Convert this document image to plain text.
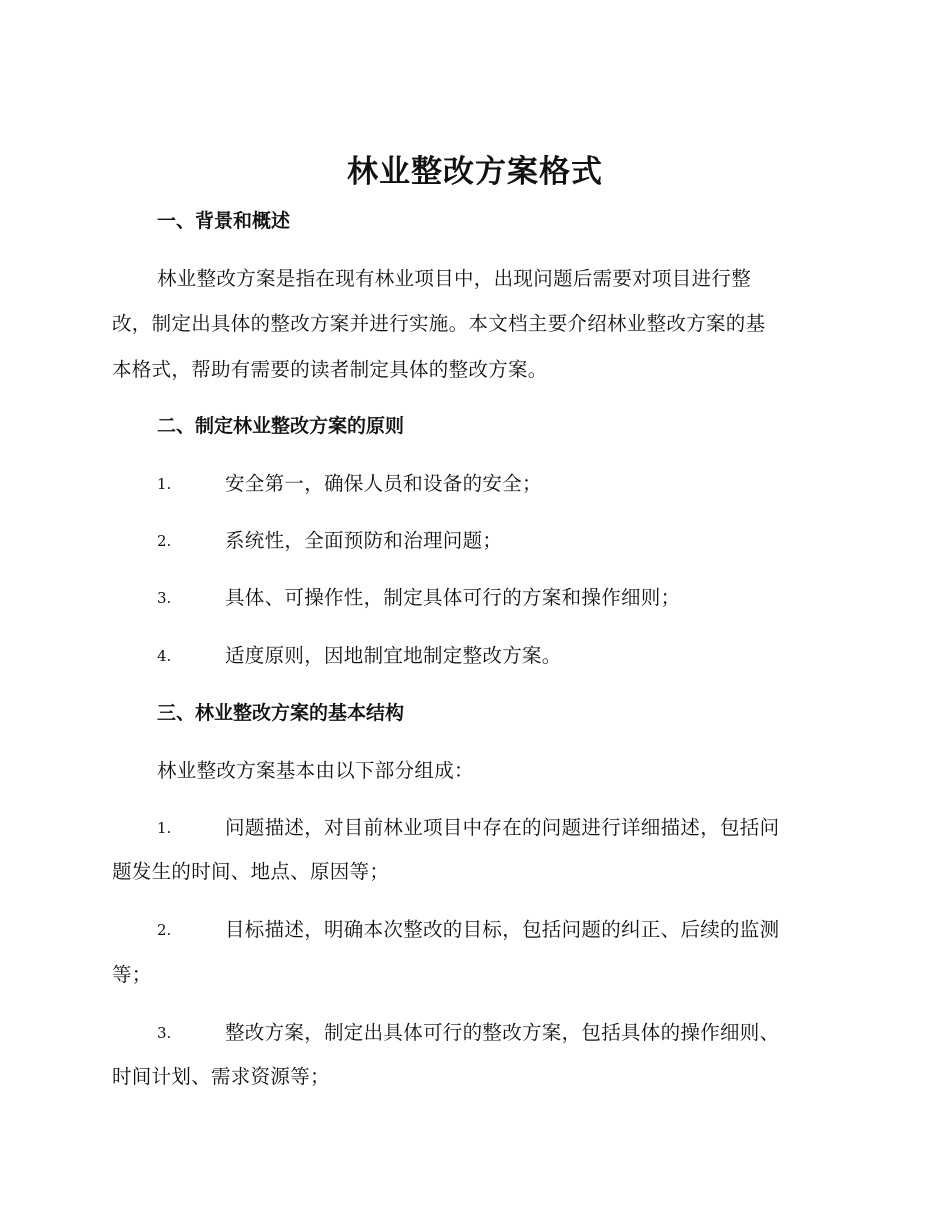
林业整改方案格式
一、背景和概述
林业整改方案是指在现有林业项目中，出现问题后需要对项目进行整
改，制定出具体的整改方案并进行实施。本文档主要介绍林业整改方案的基
本格式，帮助有需要的读者制定具体的整改方案。
二、制定林业整改方案的原则
1.	安全第一，确保人员和设备的安全；
2.	系统性，全面预防和治理问题；
3.	具体、可操作性，制定具体可行的方案和操作细则；
4.	适度原则，因地制宜地制定整改方案。
三、林业整改方案的基本结构
林业整改方案基本由以下部分组成：
1.	问题描述，对目前林业项目中存在的问题进行详细描述，包括问
题发生的时间、地点、原因等；
2.	目标描述，明确本次整改的目标，包括问题的纠正、后续的监测
等；
3.	整改方案，制定出具体可行的整改方案，包括具体的操作细则、
时间计划、需求资源等；
